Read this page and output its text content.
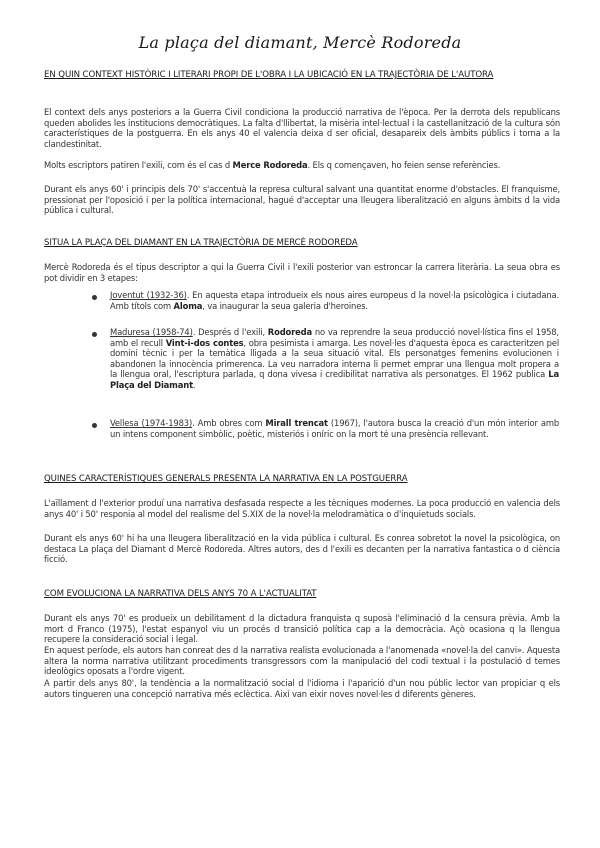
La plaça del diamant, Mercè Rodoreda
EN QUIN CONTEXT HISTÒRIC I LITERARI PROPI DE L'OBRA I LA UBICACIÓ EN LA TRAJECTÒRIA DE L'AUTORA
El context dels anys posteriors a la Guerra Civil condiciona la producció narrativa de l'època. Per la derrota dels republicans queden abolides les institucions democràtiques. La falta d'llibertat, la misèria intel·lectual i la castellanització de la cultura són característiques de la postguerra. En els anys 40 el valencia deixa d ser oficial, desapareix dels àmbits públics i torna a la clandestinitat.
Molts escriptors patiren l'exili, com és el cas d Merce Rodoreda. Els q començaven, ho feien sense referències.
Durant els anys 60' i principis dels 70' s'accentuà la represa cultural salvant una quantitat enorme d'obstacles. El franquisme, pressionat per l'oposició i per la política internacional, hagué d'acceptar una lleugera liberalització en alguns àmbits d la vida pública i cultural.
SITUA LA PLAÇA DEL DIAMANT EN LA TRAJECTÒRIA DE MERCÈ RODOREDA
Mercè Rodoreda és el tipus descriptor a qui la Guerra Civil i l'exili posterior van estroncar la carrera literària. La seua obra es pot dividir en 3 etapes:
Joventut (1932-36). En aquesta etapa introdueix els nous aires europeus d la novel·la psicològica i ciutadana. Amb títols com Aloma, va inaugurar la seua galeria d'heroines.
Maduresa (1958-74). Després d l'exili, Rodoreda no va reprendre la seua producció novel·lística fins el 1958, amb el recull Vint-i-dos contes, obra pesimista i amarga. Les novel·les d'aquesta època es caracteritzen pel domini tècnic i per la temàtica lligada a la seua situació vital. Els personatges femenins evolucionen i abandonen la innocència primerenca. La veu narradora interna li permet emprar una llengua molt propera a la llengua oral, l'escriptura parlada, q dona vivesa i credibilitat narrativa als personatges. El 1962 publica La Plaça del Diamant.
Vellesa (1974-1983). Amb obres com Mirall trencat (1967), l'autora busca la creació d'un món interior amb un intens component simbòlic, poètic, misteriós i oníric on la mort té una presència rellevant.
QUINES CARACTERÍSTIQUES GENERALS PRESENTA LA NARRATIVA EN LA POSTGUERRA
L'aïllament d l'exterior produí una narrativa desfasada respecte a les tècniques modernes. La poca producció en valencia dels anys 40' i 50' responia al model del realisme del S.XIX de la novel·la melodramàtica o d'inquietuds socials.
Durant els anys 60' hi ha una lleugera liberalització en la vida pública i cultural. Es conrea sobretot la novel la psicològica, on destaca La plaça del Diamant d Mercè Rodoreda. Altres autors, des d l'exili es decanten per la narrativa fantastica o d ciència ficció.
COM EVOLUCIONA LA NARRATIVA DELS ANYS 70 A L'ACTUALITAT
Durant els anys 70' es produeix un debilitament d la dictadura franquista q suposà l'eliminació d la censura prèvia. Amb la mort d Franco (1975), l'estat espanyol viu un procés d transició política cap a la democràcia. Açò ocasiona q la llengua recupere la consideració social i legal.
En aquest període, els autors han conreat des d la narrativa realista evolucionada a l'anomenada «novel·la del canvi». Aquesta altera la norma narrativa utilitzant procediments transgressors com la manipulació del codi textual i la postulació d temes ideològics oposats a l'ordre vigent.
A partir dels anys 80', la tendència a la normalització social d l'idioma i l'aparició d'un nou públic lector van propiciar q els autors tingueren una concepció narrativa més eclèctica. Així van eixir noves novel·les d diferents gèneres.
